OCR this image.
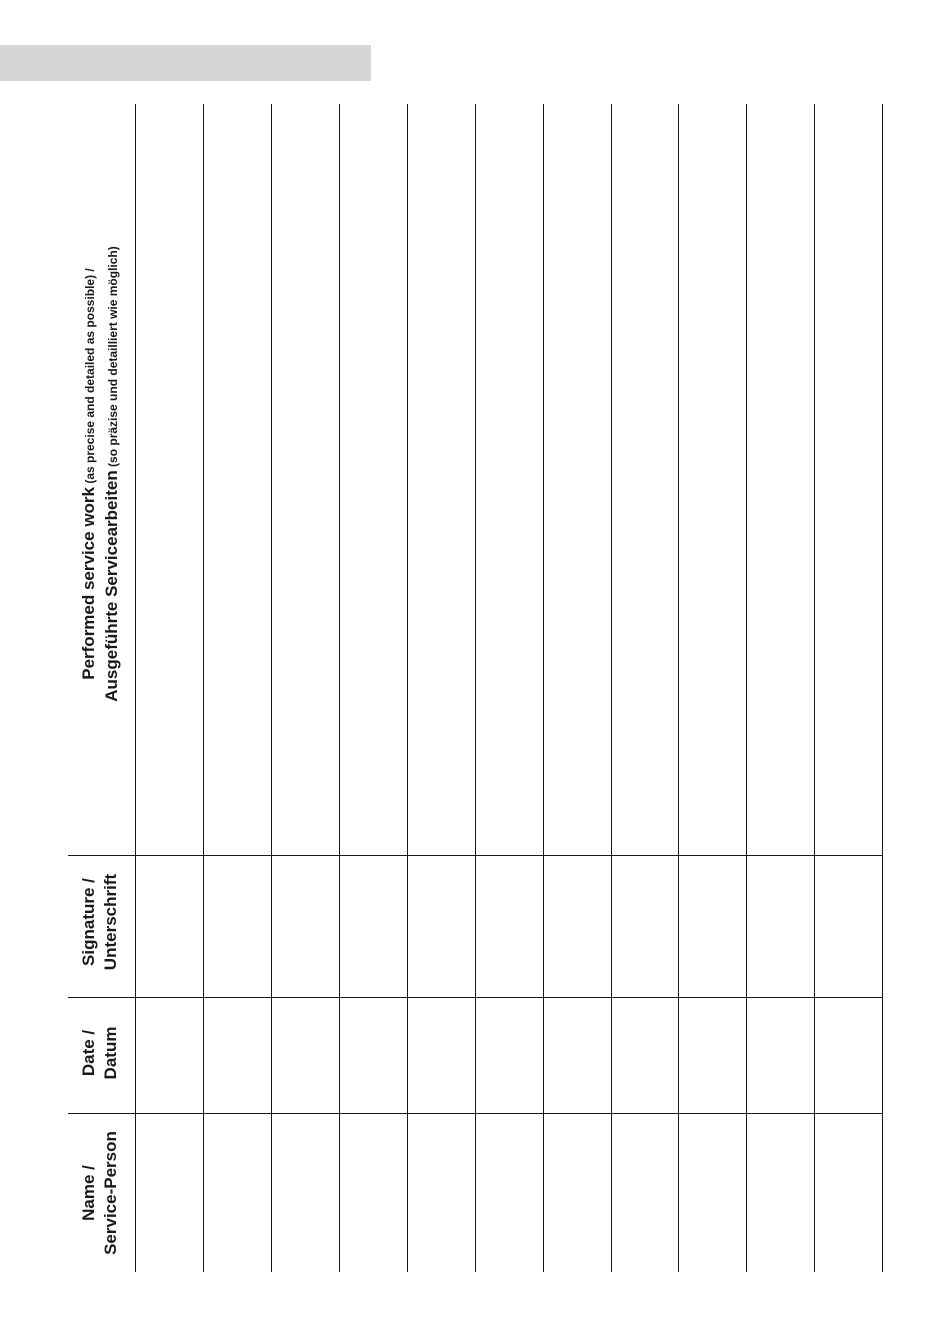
Performed service work (as precise and detailed as possible) /
Ausgeführte Servicearbeiten (so präzise und detailliert wie möglich)
Signature / Unterschrift
Date / Datum
Name / Service-Person
